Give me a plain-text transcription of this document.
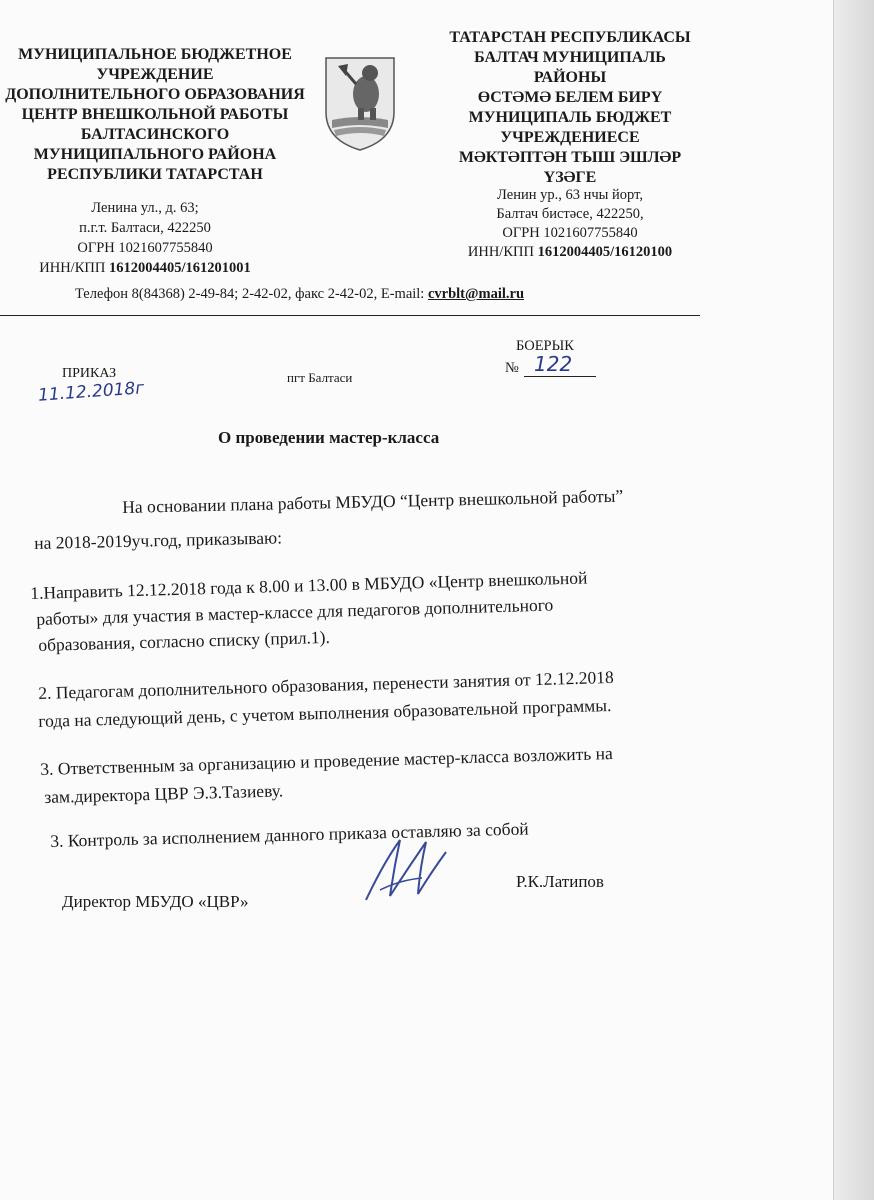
МУНИЦИПАЛЬНОЕ БЮДЖЕТНОЕ
УЧРЕЖДЕНИЕ
ДОПОЛНИТЕЛЬНОГО ОБРАЗОВАНИЯ
ЦЕНТР ВНЕШКОЛЬНОЙ РАБОТЫ
БАЛТАСИНСКОГО
МУНИЦИПАЛЬНОГО РАЙОНА
РЕСПУБЛИКИ ТАТАРСТАН
Ленина ул., д. 63;
п.г.т. Балтаси, 422250
ОГРН 1021607755840
ИНН/КПП 1612004405/161201001
ТАТАРСТАН РЕСПУБЛИКАСЫ
БАЛТАЧ МУНИЦИПАЛЬ
РАЙОНЫ
ӨСТӘМӘ БЕЛЕМ БИРҮ
МУНИЦИПАЛЬ БЮДЖЕТ
УЧРЕЖДЕНИЕСЕ
МӘКТӘПТӘН ТЫШ ЭШЛӘР
ҮЗӘГЕ
Ленин ур., 63 нчы йорт,
Балтач бистәсе, 422250,
ОГРН 1021607755840
ИНН/КПП 1612004405/16120100
Телефон 8(84368) 2-49-84; 2-42-02, факс 2-42-02, E-mail: cvrblt@mail.ru
БОЕРЫК
№ 122
ПРИКАЗ
11.12.2018г
пгт Балтаси
О проведении мастер-класса
На основании плана работы МБУДО “Центр внешкольной работы”
на 2018-2019уч.год, приказываю:
1.Направить 12.12.2018 года к 8.00 и 13.00 в МБУДО «Центр внешкольной
работы» для участия в мастер-классе для педагогов дополнительного
образования, согласно списку (прил.1).
2. Педагогам дополнительного образования, перенести занятия от 12.12.2018
года на следующий день, с учетом выполнения образовательной программы.
3. Ответственным за организацию и проведение мастер-класса возложить на
зам.директора ЦВР Э.З.Тазиеву.
3. Контроль за исполнением данного приказа оставляю за собой
Р.К.Латипов
Директор МБУДО «ЦВР»
